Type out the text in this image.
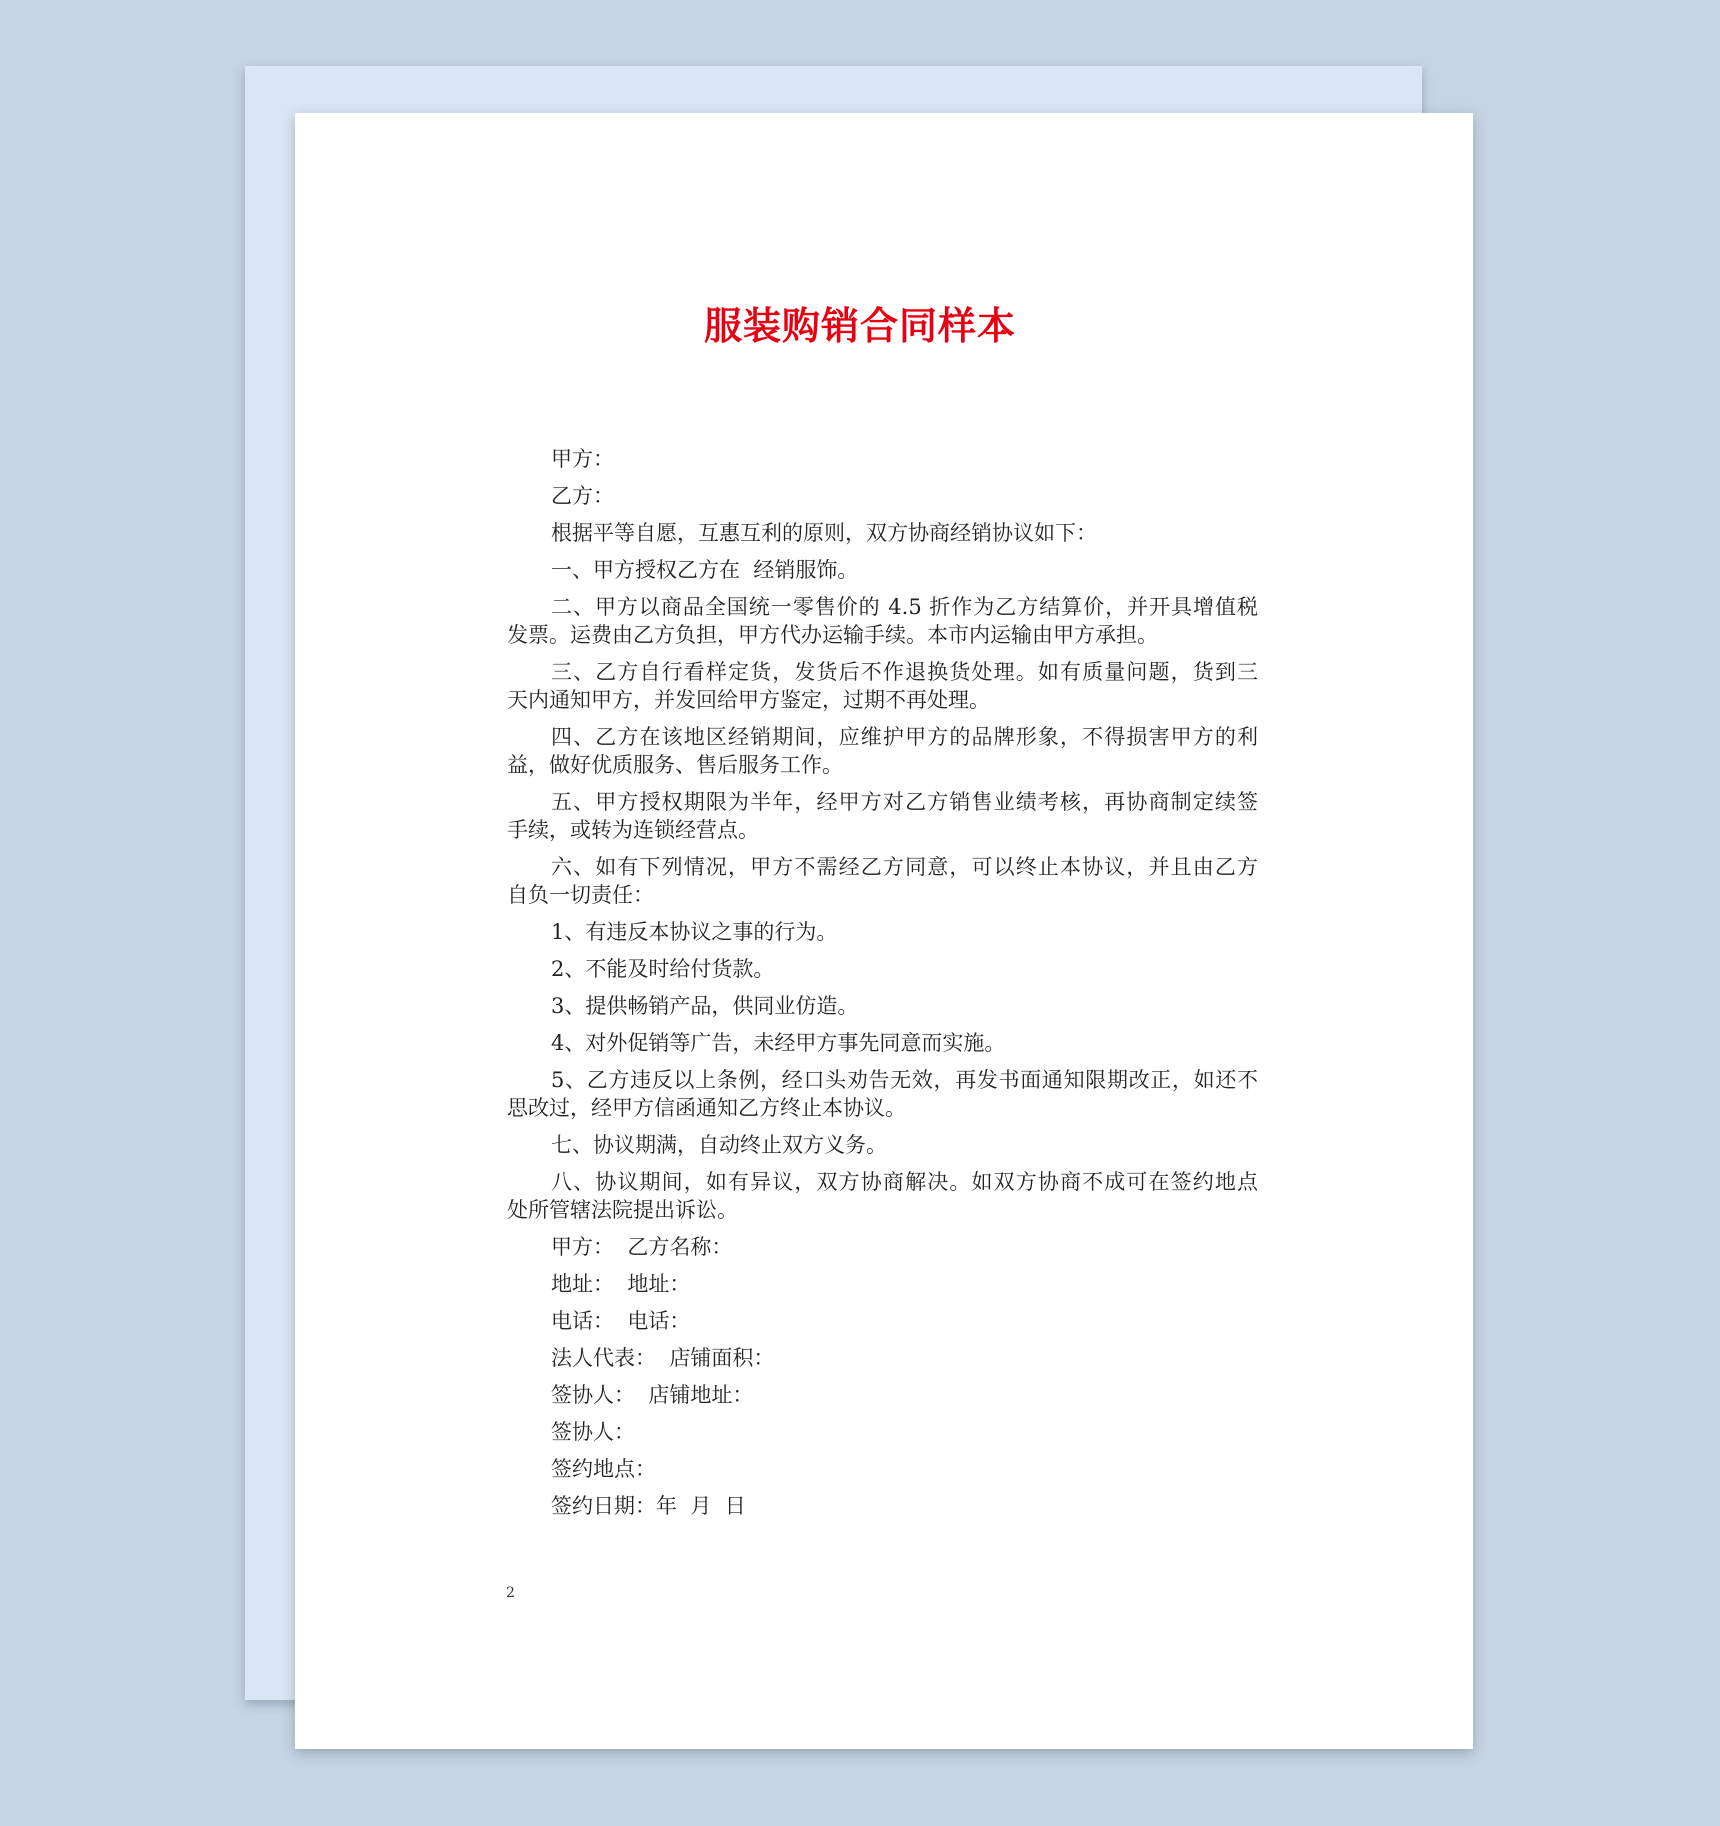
服装购销合同样本
甲方：
乙方：
根据平等自愿，互惠互利的原则，双方协商经销协议如下：
一、甲方授权乙方在  经销服饰。
二、甲方以商品全国统一零售价的 4.5 折作为乙方结算价，并开具增值税
发票。运费由乙方负担，甲方代办运输手续。本市内运输由甲方承担。
三、乙方自行看样定货，发货后不作退换货处理。如有质量问题，货到三
天内通知甲方，并发回给甲方鉴定，过期不再处理。
四、乙方在该地区经销期间，应维护甲方的品牌形象，不得损害甲方的利
益，做好优质服务、售后服务工作。
五、甲方授权期限为半年，经甲方对乙方销售业绩考核，再协商制定续签
手续，或转为连锁经营点。
六、如有下列情况，甲方不需经乙方同意，可以终止本协议，并且由乙方
自负一切责任：
1、有违反本协议之事的行为。
2、不能及时给付货款。
3、提供畅销产品，供同业仿造。
4、对外促销等广告，未经甲方事先同意而实施。
5、乙方违反以上条例，经口头劝告无效，再发书面通知限期改正，如还不
思改过，经甲方信函通知乙方终止本协议。
七、协议期满，自动终止双方义务。
八、协议期间，如有异议，双方协商解决。如双方协商不成可在签约地点
处所管辖法院提出诉讼。
甲方：  乙方名称：
地址：  地址：
电话：  电话：
法人代表：  店铺面积：
签协人：  店铺地址：
签协人：
签约地点：
签约日期：年  月  日
2
